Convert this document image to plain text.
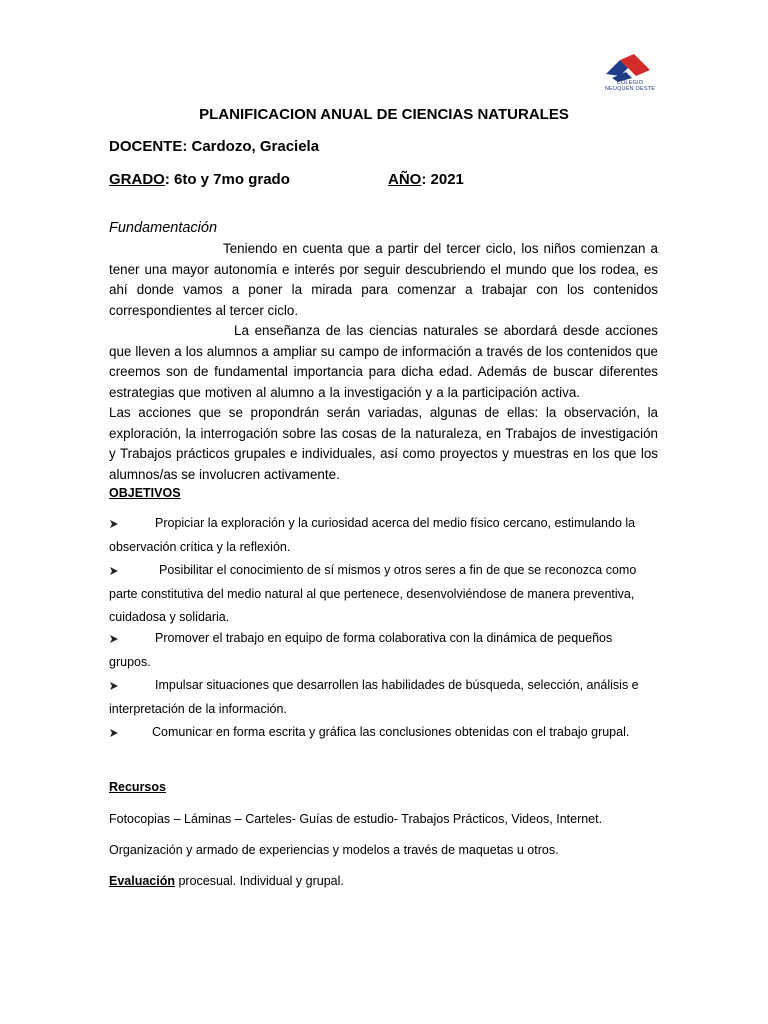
COLEGIO
NEUQUÉN OESTE
PLANIFICACION ANUAL DE CIENCIAS NATURALES
DOCENTE: Cardozo, Graciela
GRADO: 6to y 7mo grado	AÑO: 2021
Fundamentación

Teniendo en cuenta que a partir del tercer ciclo, los niños comienzan a tener una mayor autonomía e interés por seguir descubriendo el mundo que los rodea, es ahí donde vamos a poner la mirada para comenzar a trabajar con los contenidos correspondientes al tercer ciclo.

La enseñanza de las ciencias naturales se abordará desde acciones que lleven a los alumnos a ampliar su campo de información a través de los contenidos que creemos son de fundamental importancia para dicha edad. Además de buscar diferentes estrategias que motiven al alumno a la investigación y a la participación activa.Las acciones que se propondrán serán variadas, algunas de ellas: la observación, la exploración, la interrogación sobre las cosas de la naturaleza, en Trabajos de investigación y Trabajos prácticos grupales e individuales, así como proyectos y muestras en los que los alumnos/as se involucren activamente.

OBJETIVOS
Propiciar la exploración y la curiosidad acerca del medio físico cercano, estimulando la
observación crítica y la reflexión.
Posibilitar el conocimiento de sí mismos y otros seres a fin de que se reconozca como
parte constitutiva del medio natural al que pertenece, desenvolviéndose de manera preventiva, cuidadosa y solidaria.
Promover el trabajo en equipo de forma colaborativa con la dinámica de pequeños
grupos.
Impulsar situaciones que desarrollen las habilidades de búsqueda, selección, análisis e
interpretación de la información.
Comunicar en forma escrita y gráfica las conclusiones obtenidas con el trabajo grupal.
Recursos
Fotocopias – Láminas – Carteles- Guías de estudio- Trabajos Prácticos, Videos, Internet.
Organización y armado de experiencias y modelos a través de maquetas u otros.
Evaluación procesual. Individual y grupal.
